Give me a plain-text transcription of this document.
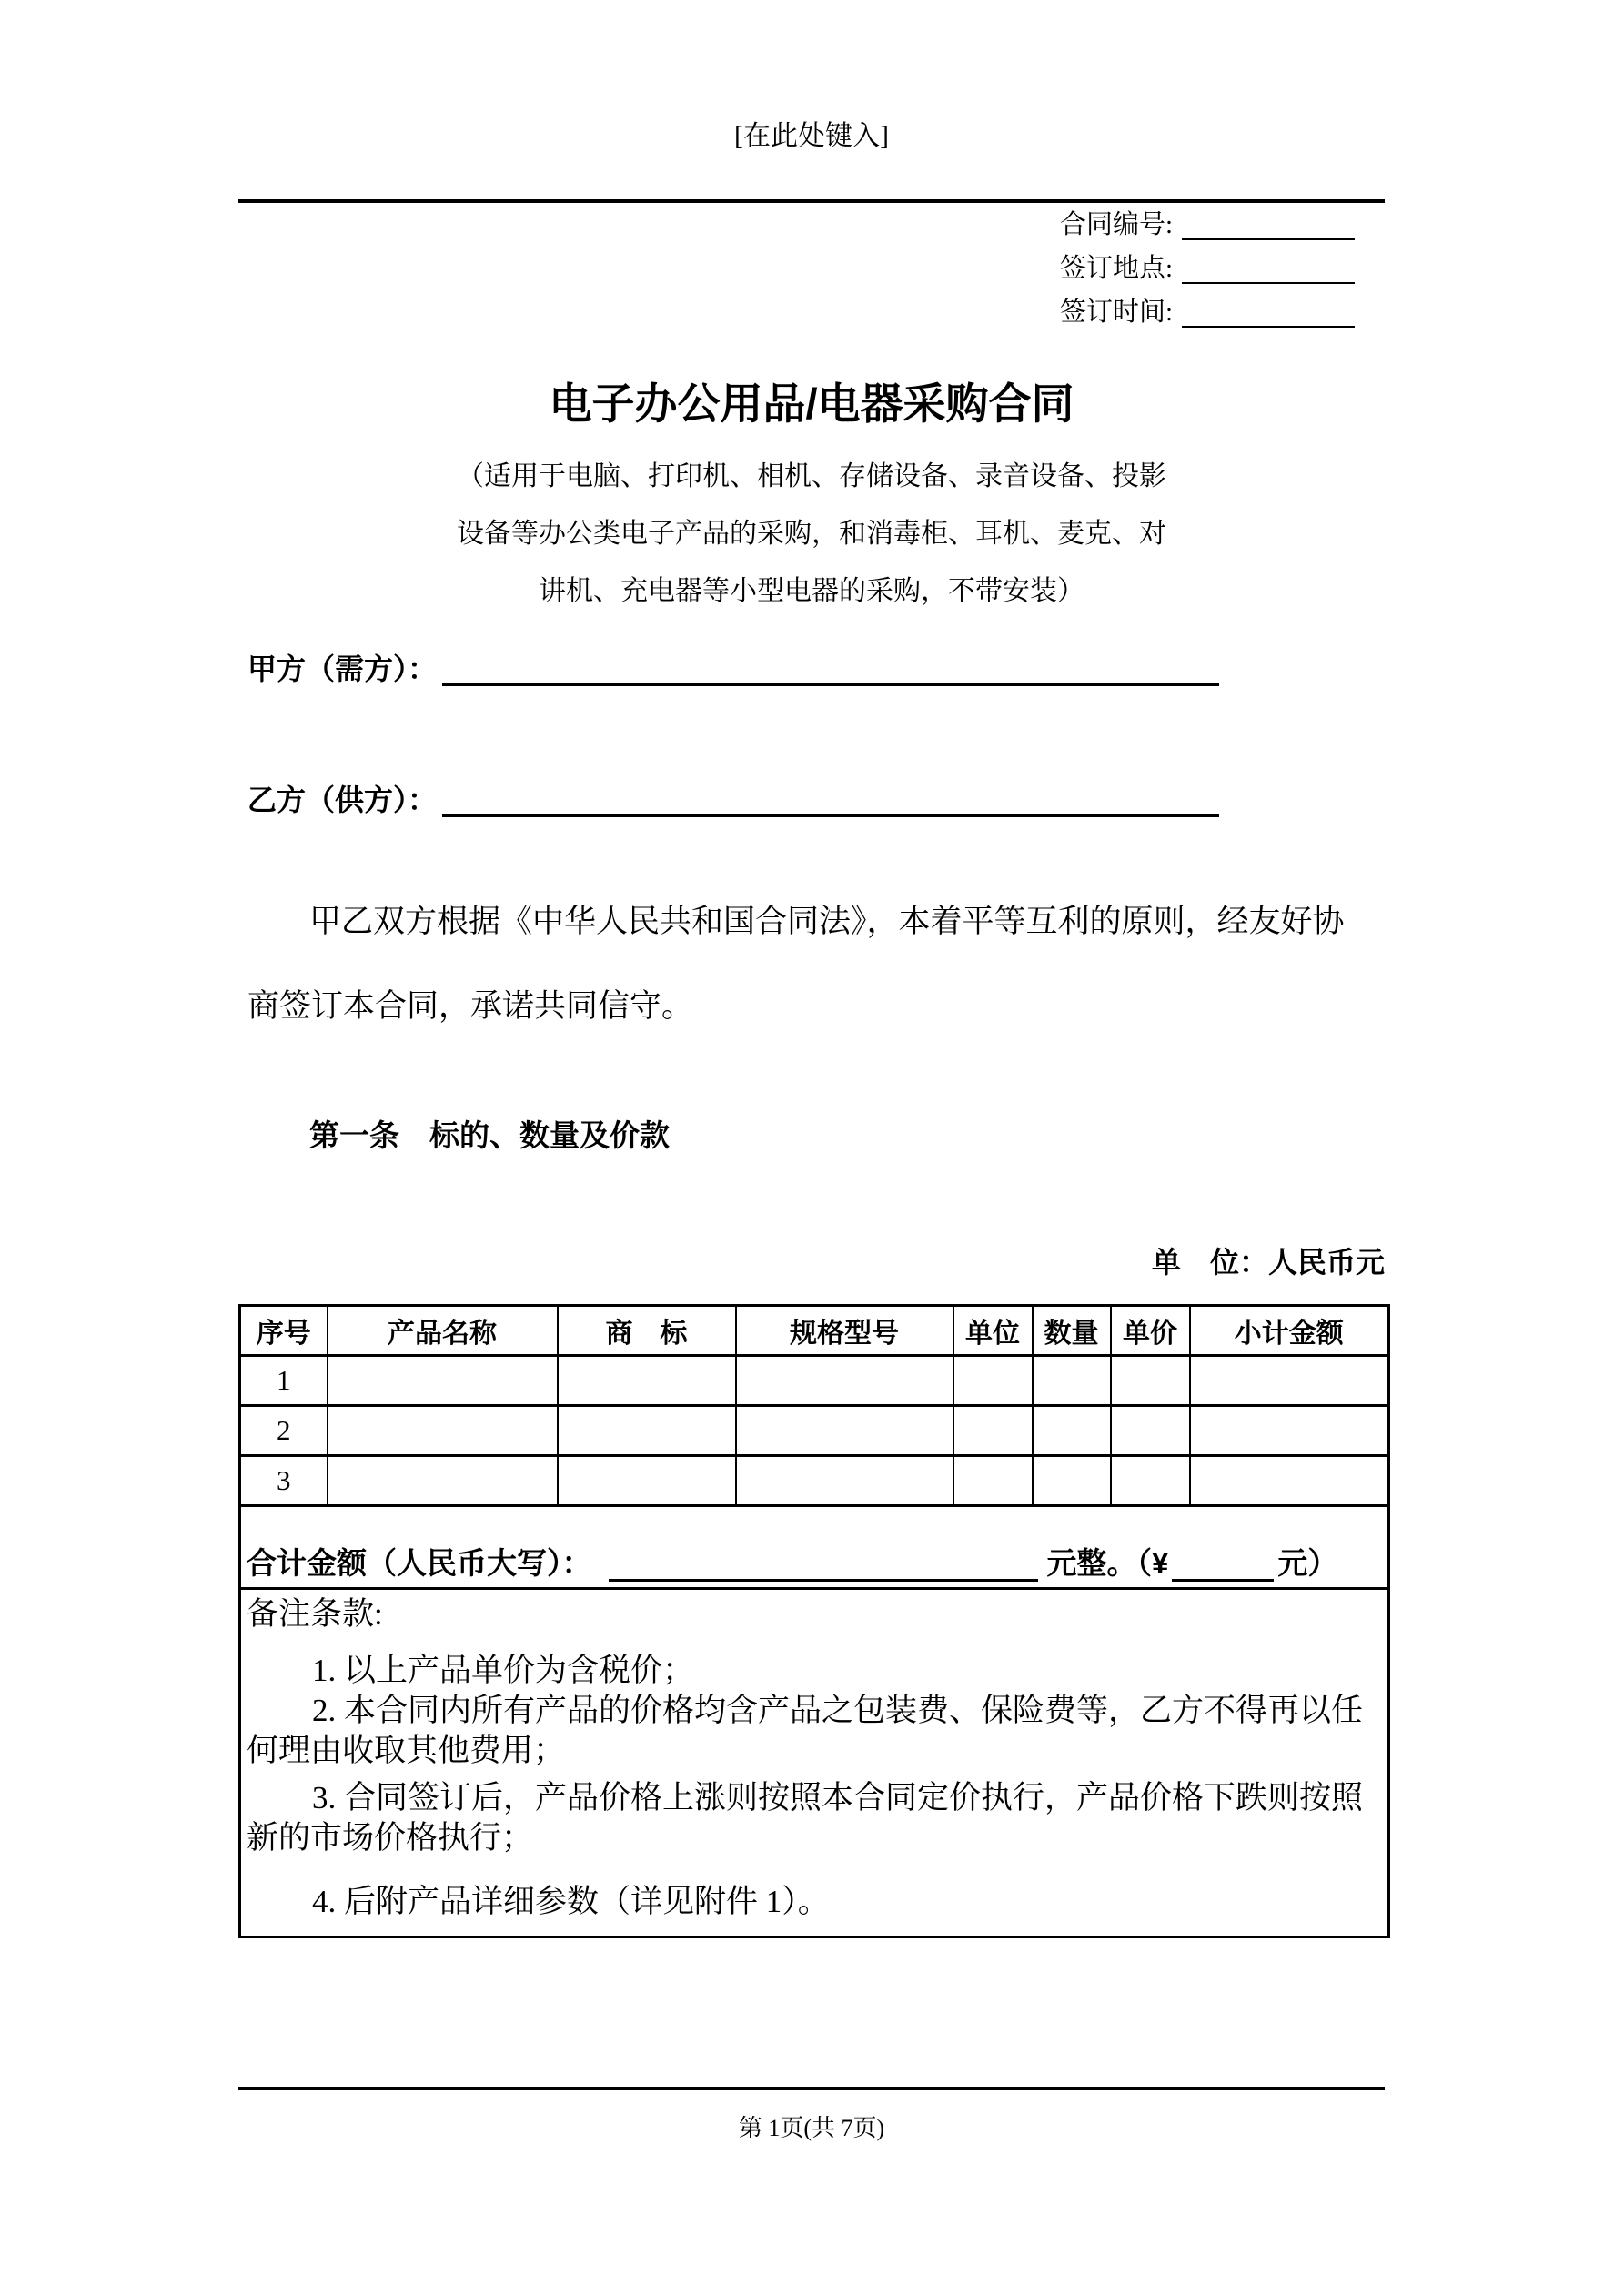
[在此处键入]
合同编号:
签订地点:
签订时间:
电子办公用品/电器采购合同
（适用于电脑、打印机、相机、存储设备、录音设备、投影
设备等办公类电子产品的采购，和消毒柜、耳机、麦克、对
讲机、充电器等小型电器的采购，不带安装）
甲方（需方）：
乙方（供方）：
甲乙双方根据《中华人民共和国合同法》，本着平等互利的原则，经友好协
商签订本合同，承诺共同信守。
第一条　标的、数量及价款
单　位：人民币元
序号	产品名称	商　标	规格型号	单位	数量	单价	小计金额
1							
2							
3							

合计金额（人民币大写）： 元整。（¥ 元）							

备注条款:
1. 以上产品单价为含税价；
2. 本合同内所有产品的价格均含产品之包装费、保险费等，乙方不得再以任
何理由收取其他费用；
3. 合同签订后，产品价格上涨则按照本合同定价执行，产品价格下跌则按照
新的市场价格执行；
4. 后附产品详细参数（详见附件 1）。
第 1页(共 7页)
